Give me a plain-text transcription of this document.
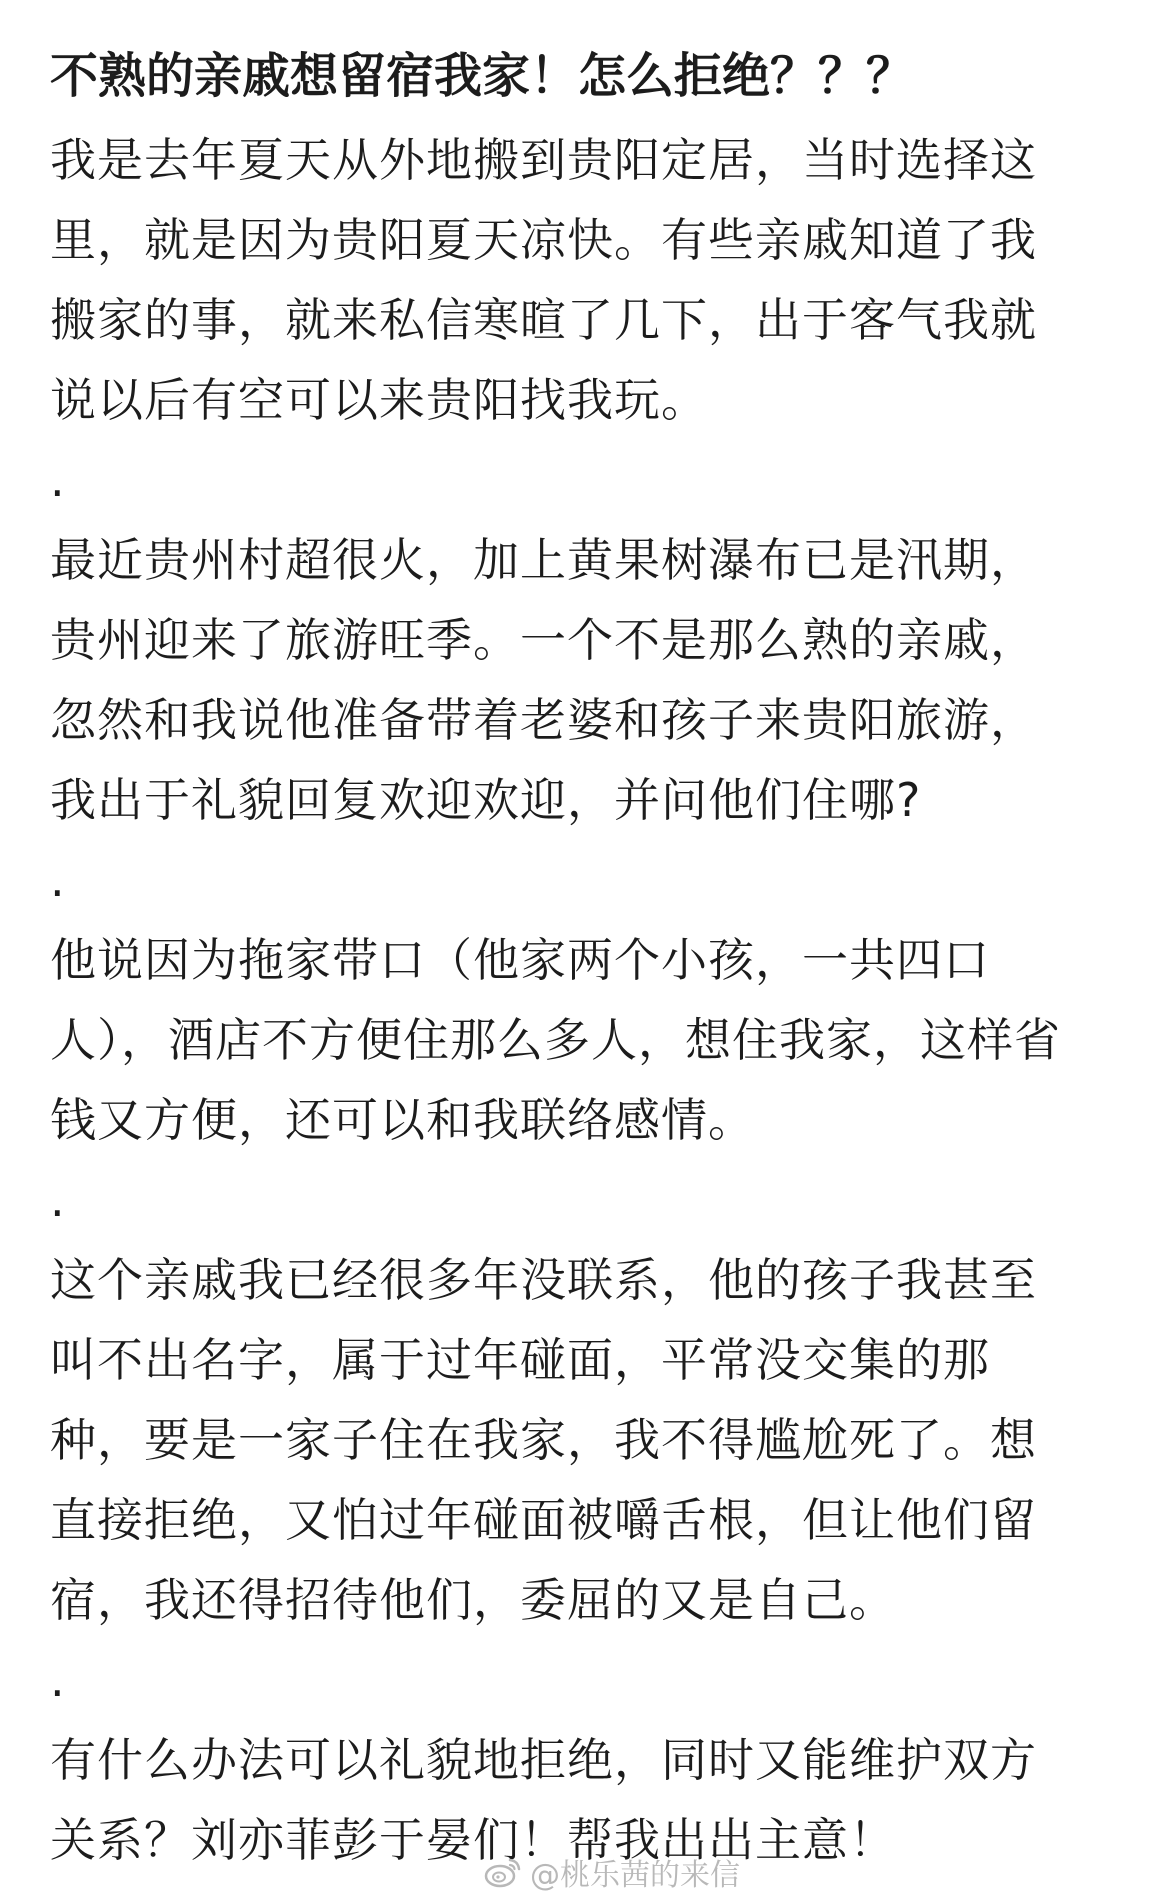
不熟的亲戚想留宿我家！怎么拒绝？？？

我是去年夏天从外地搬到贵阳定居，当时选择这里，就是因为贵阳夏天凉快。有些亲戚知道了我搬家的事，就来私信寒暄了几下，出于客气我就说以后有空可以来贵阳找我玩。

.

最近贵州村超很火，加上黄果树瀑布已是汛期，贵州迎来了旅游旺季。一个不是那么熟的亲戚，忽然和我说他准备带着老婆和孩子来贵阳旅游，我出于礼貌回复欢迎欢迎，并问他们住哪?

.

他说因为拖家带口（他家两个小孩，一共四口人），酒店不方便住那么多人，想住我家，这样省钱又方便，还可以和我联络感情。

.

这个亲戚我已经很多年没联系，他的孩子我甚至叫不出名字，属于过年碰面，平常没交集的那种，要是一家子住在我家，我不得尴尬死了。想直接拒绝，又怕过年碰面被嚼舌根，但让他们留宿，我还得招待他们，委屈的又是自己。

.

有什么办法可以礼貌地拒绝，同时又能维护双方关系？刘亦菲彭于晏们！帮我出出主意！

@桃乐茜的来信
